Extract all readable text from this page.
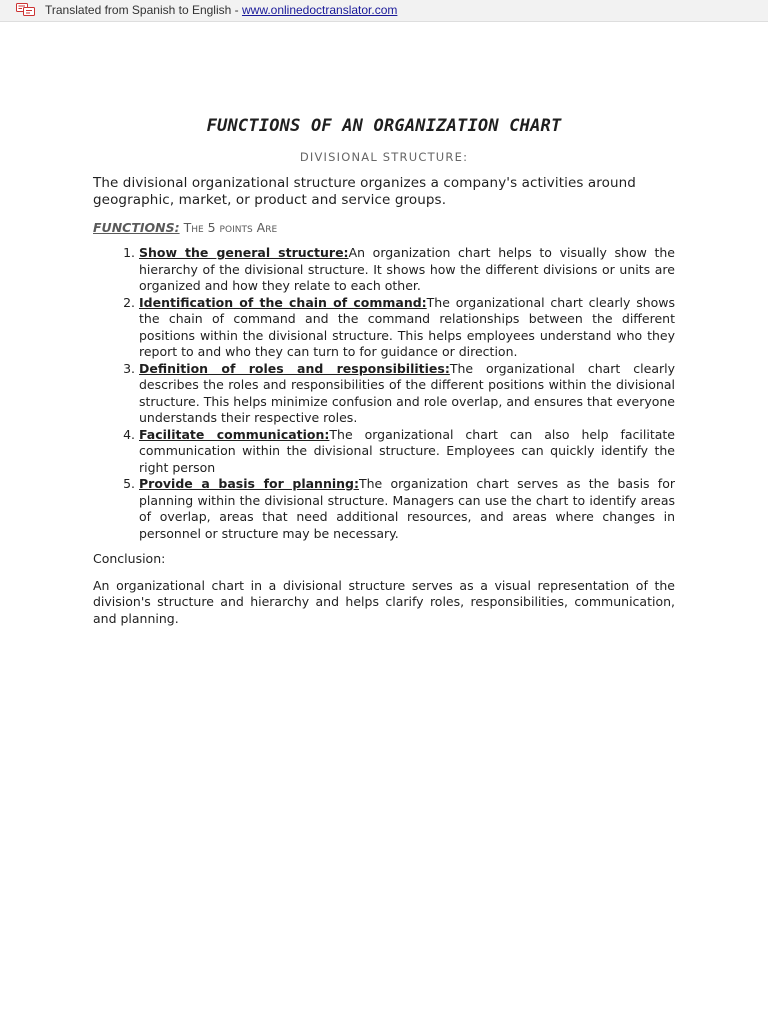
Translated from Spanish to English - www.onlinedoctranslator.com
FUNCTIONS OF AN ORGANIZATION CHART
DIVISIONAL STRUCTURE:
The divisional organizational structure organizes a company's activities around geographic, market, or product and service groups.
FUNCTIONS: The 5 points Are
1. Show the general structure:An organization chart helps to visually show the hierarchy of the divisional structure. It shows how the different divisions or units are organized and how they relate to each other.
2. Identification of the chain of command:The organizational chart clearly shows the chain of command and the command relationships between the different positions within the divisional structure. This helps employees understand who they report to and who they can turn to for guidance or direction.
3. Definition of roles and responsibilities:The organizational chart clearly describes the roles and responsibilities of the different positions within the divisional structure. This helps minimize confusion and role overlap, and ensures that everyone understands their respective roles.
4. Facilitate communication:The organizational chart can also help facilitate communication within the divisional structure. Employees can quickly identify the right person
5. Provide a basis for planning:The organization chart serves as the basis for planning within the divisional structure. Managers can use the chart to identify areas of overlap, areas that need additional resources, and areas where changes in personnel or structure may be necessary.
Conclusion:
An organizational chart in a divisional structure serves as a visual representation of the division's structure and hierarchy and helps clarify roles, responsibilities, communication, and planning.
